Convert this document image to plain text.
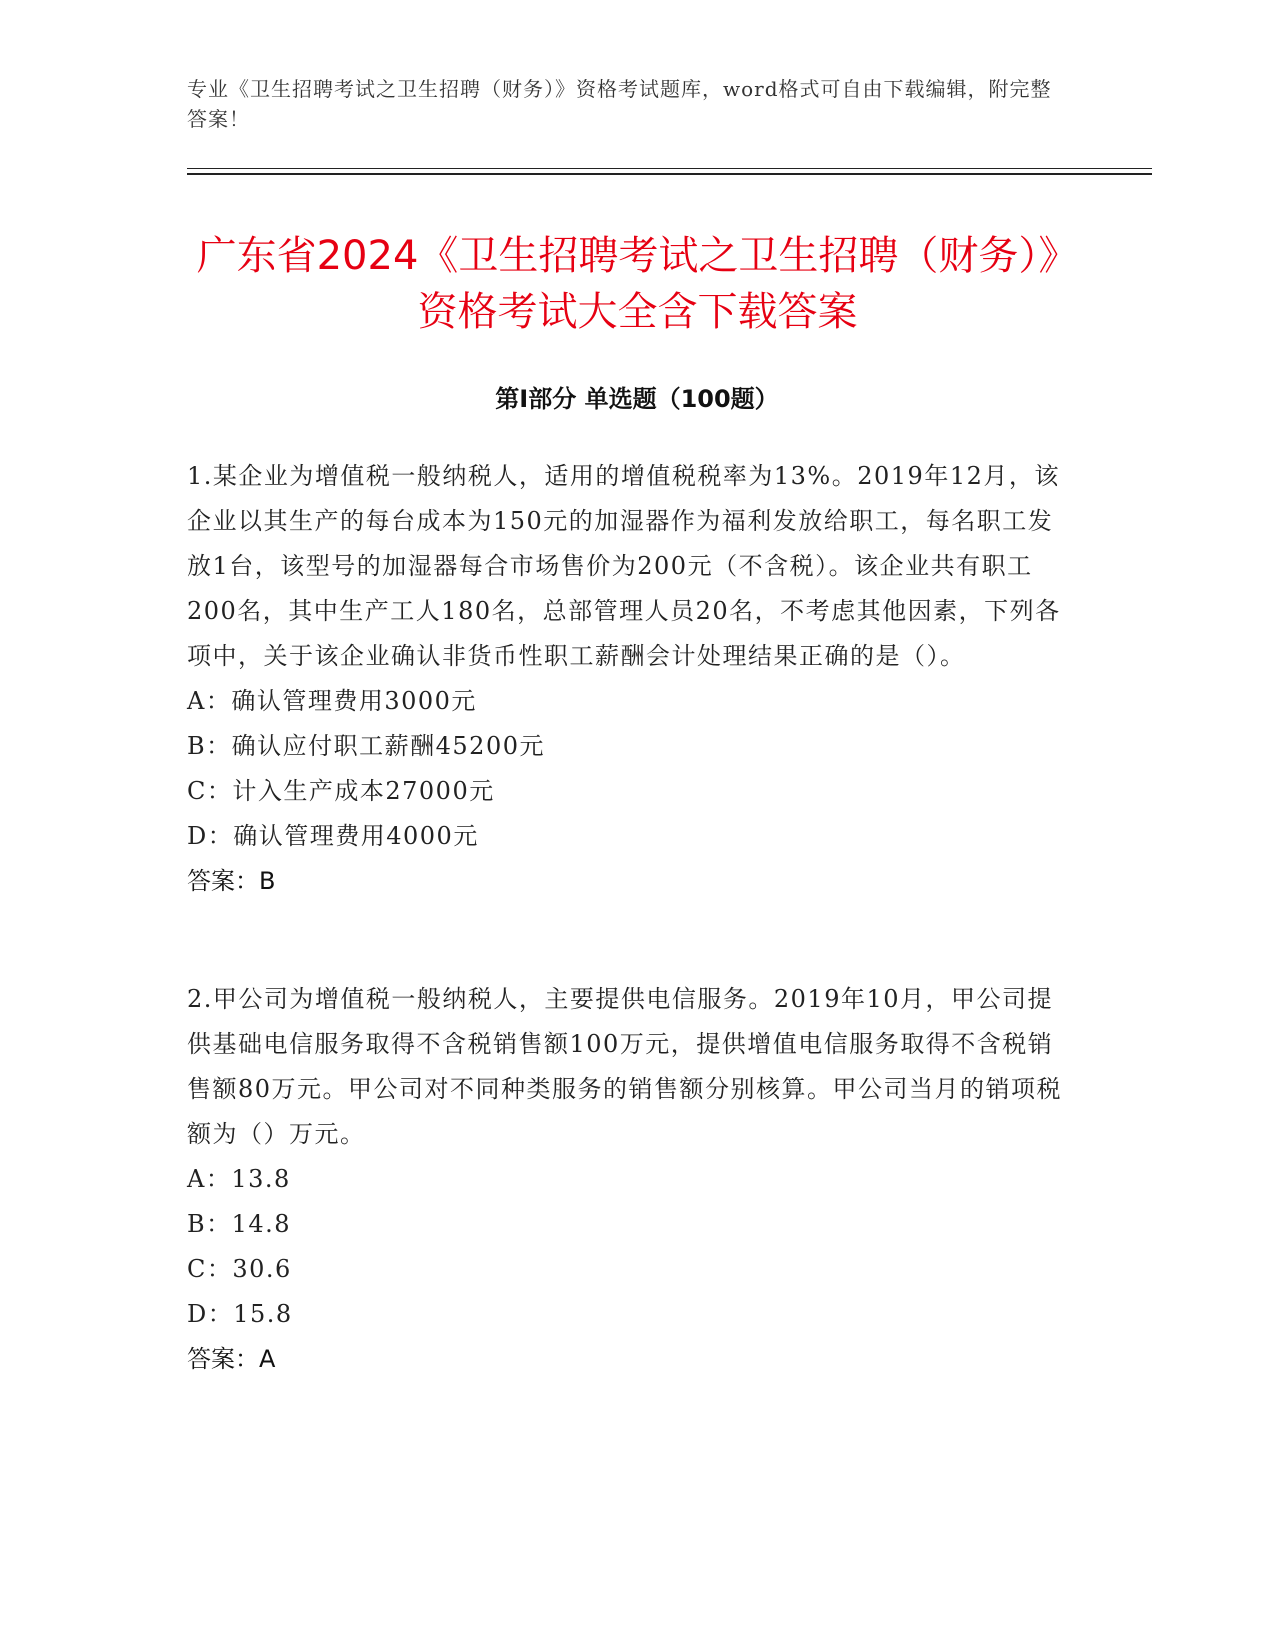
专业《卫生招聘考试之卫生招聘（财务）》资格考试题库，word格式可自由下载编辑，附完整答案！
广东省2024《卫生招聘考试之卫生招聘（财务）》资格考试大全含下载答案
第Ⅰ部分 单选题（100题）

1.某企业为增值税一般纳税人，适用的增值税税率为13%。2019年12月，该企业以其生产的每台成本为150元的加湿器作为福利发放给职工，每名职工发放1台，该型号的加湿器每合市场售价为200元（不含税）。该企业共有职工200名，其中生产工人180名，总部管理人员20名，不考虑其他因素，下列各项中，关于该企业确认非货币性职工薪酬会计处理结果正确的是（）。

A：确认管理费用3000元
B：确认应付职工薪酬45200元
C：计入生产成本27000元
D：确认管理费用4000元

答案：B

2.甲公司为增值税一般纳税人，主要提供电信服务。2019年10月，甲公司提供基础电信服务取得不含税销售额100万元，提供增值电信服务取得不含税销售额80万元。甲公司对不同种类服务的销售额分别核算。甲公司当月的销项税额为（）万元。

A：13.8
B：14.8
C：30.6
D：15.8

答案：A
